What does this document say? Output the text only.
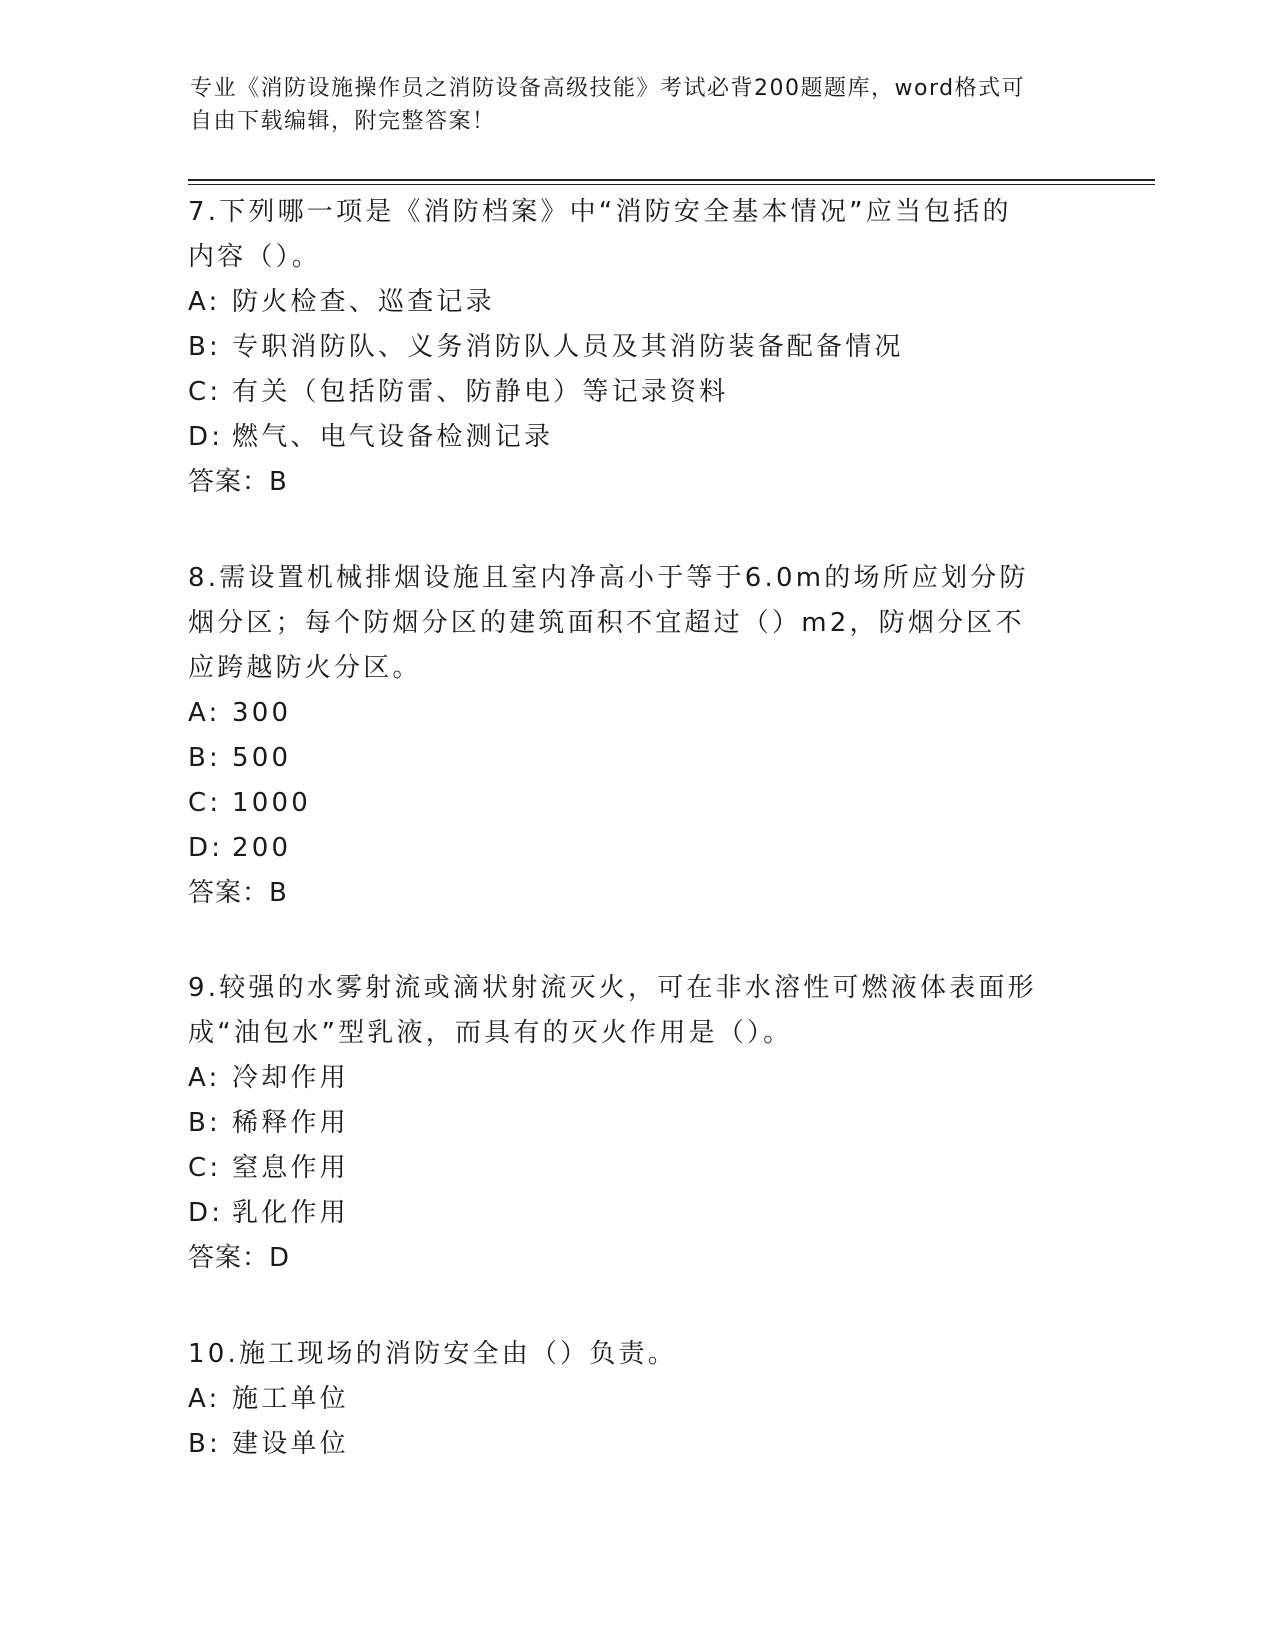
专业《消防设施操作员之消防设备高级技能》考试必背200题题库，word格式可
自由下载编辑，附完整答案！

7.下列哪一项是《消防档案》中“消防安全基本情况”应当包括的内容（）。

A: 防火检查、巡查记录

B: 专职消防队、义务消防队人员及其消防装备配备情况

C: 有关（包括防雷、防静电）等记录资料

D: 燃气、电气设备检测记录

答案：B

8.需设置机械排烟设施且室内净高小于等于6.0m的场所应划分防烟分区；每个防烟分区的建筑面积不宜超过（）m2，防烟分区不应跨越防火分区。

A: 300

B: 500

C: 1000

D: 200

答案：B

9.较强的水雾射流或滴状射流灭火，可在非水溶性可燃液体表面形成“油包水”型乳液，而具有的灭火作用是（）。

A: 冷却作用

B: 稀释作用

C: 窒息作用

D: 乳化作用

答案：D

10.施工现场的消防安全由（）负责。

A: 施工单位

B: 建设单位
